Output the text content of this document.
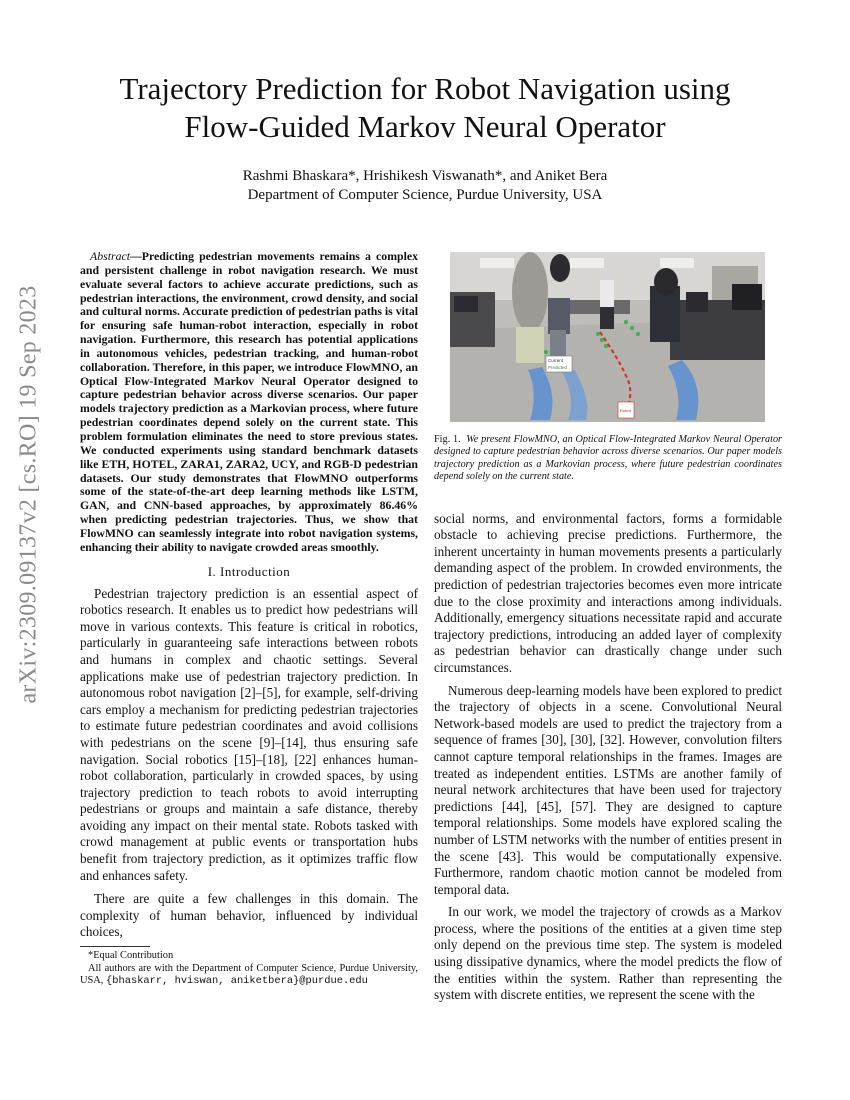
arXiv:2309.09137v2 [cs.RO] 19 Sep 2023
Trajectory Prediction for Robot Navigation using
Flow-Guided Markov Neural Operator
Rashmi Bhaskara*, Hrishikesh Viswanath*, and Aniket Bera
Department of Computer Science, Purdue University, USA

Abstract—Predicting pedestrian movements remains a complex and persistent challenge in robot navigation research. We must evaluate several factors to achieve accurate predictions, such as pedestrian interactions, the environment, crowd density, and social and cultural norms. Accurate prediction of pedestrian paths is vital for ensuring safe human-robot interaction, especially in robot navigation. Furthermore, this research has potential applications in autonomous vehicles, pedestrian tracking, and human-robot collaboration. Therefore, in this paper, we introduce FlowMNO, an Optical Flow-Integrated Markov Neural Operator designed to capture pedestrian behavior across diverse scenarios. Our paper models trajectory prediction as a Markovian process, where future pedestrian coordinates depend solely on the current state. This problem formulation eliminates the need to store previous states. We conducted experiments using standard benchmark datasets like ETH, HOTEL, ZARA1, ZARA2, UCY, and RGB-D pedestrian datasets. Our study demonstrates that FlowMNO outperforms some of the state-of-the-art deep learning methods like LSTM, GAN, and CNN-based approaches, by approximately 86.46% when predicting pedestrian trajectories. Thus, we show that FlowMNO can seamlessly integrate into robot navigation systems, enhancing their ability to navigate crowded areas smoothly.

I. Introduction

Pedestrian trajectory prediction is an essential aspect of robotics research. It enables us to predict how pedestrians will move in various contexts. This feature is critical in robotics, particularly in guaranteeing safe interactions between robots and humans in complex and chaotic settings. Several applications make use of pedestrian trajectory prediction. In autonomous robot navigation [2]–[5], for example, self-driving cars employ a mechanism for predicting pedestrian trajectories to estimate future pedestrian coordinates and avoid collisions with pedestrians on the scene [9]–[14], thus ensuring safe navigation. Social robotics [15]–[18], [22] enhances human-robot collaboration, particularly in crowded spaces, by using trajectory prediction to teach robots to avoid interrupting pedestrians or groups and maintain a safe distance, thereby avoiding any impact on their mental state. Robots tasked with crowd management at public events or transportation hubs benefit from trajectory prediction, as it optimizes traffic flow and enhances safety.

There are quite a few challenges in this domain. The complexity of human behavior, influenced by individual choices,

*Equal Contribution

All authors are with the Department of Computer Science, Purdue University, USA, {bhaskarr, hviswan, aniketbera}@purdue.edu

Current
Predicted
Robot

Fig. 1. We present FlowMNO, an Optical Flow-Integrated Markov Neural Operator designed to capture pedestrian behavior across diverse scenarios. Our paper models trajectory prediction as a Markovian process, where future pedestrian coordinates depend solely on the current state.

social norms, and environmental factors, forms a formidable obstacle to achieving precise predictions. Furthermore, the inherent uncertainty in human movements presents a particularly demanding aspect of the problem. In crowded environments, the prediction of pedestrian trajectories becomes even more intricate due to the close proximity and interactions among individuals. Additionally, emergency situations necessitate rapid and accurate trajectory predictions, introducing an added layer of complexity as pedestrian behavior can drastically change under such circumstances.

Numerous deep-learning models have been explored to predict the trajectory of objects in a scene. Convolutional Neural Network-based models are used to predict the trajectory from a sequence of frames [30], [30], [32]. However, convolution filters cannot capture temporal relationships in the frames. Images are treated as independent entities. LSTMs are another family of neural network architectures that have been used for trajectory predictions [44], [45], [57]. They are designed to capture temporal relationships. Some models have explored scaling the number of LSTM networks with the number of entities present in the scene [43]. This would be computationally expensive. Furthermore, random chaotic motion cannot be modeled from temporal data.

In our work, we model the trajectory of crowds as a Markov process, where the positions of the entities at a given time step only depend on the previous time step. The system is modeled using dissipative dynamics, where the model predicts the flow of the entities within the system. Rather than representing the system with discrete entities, we represent the scene with the
